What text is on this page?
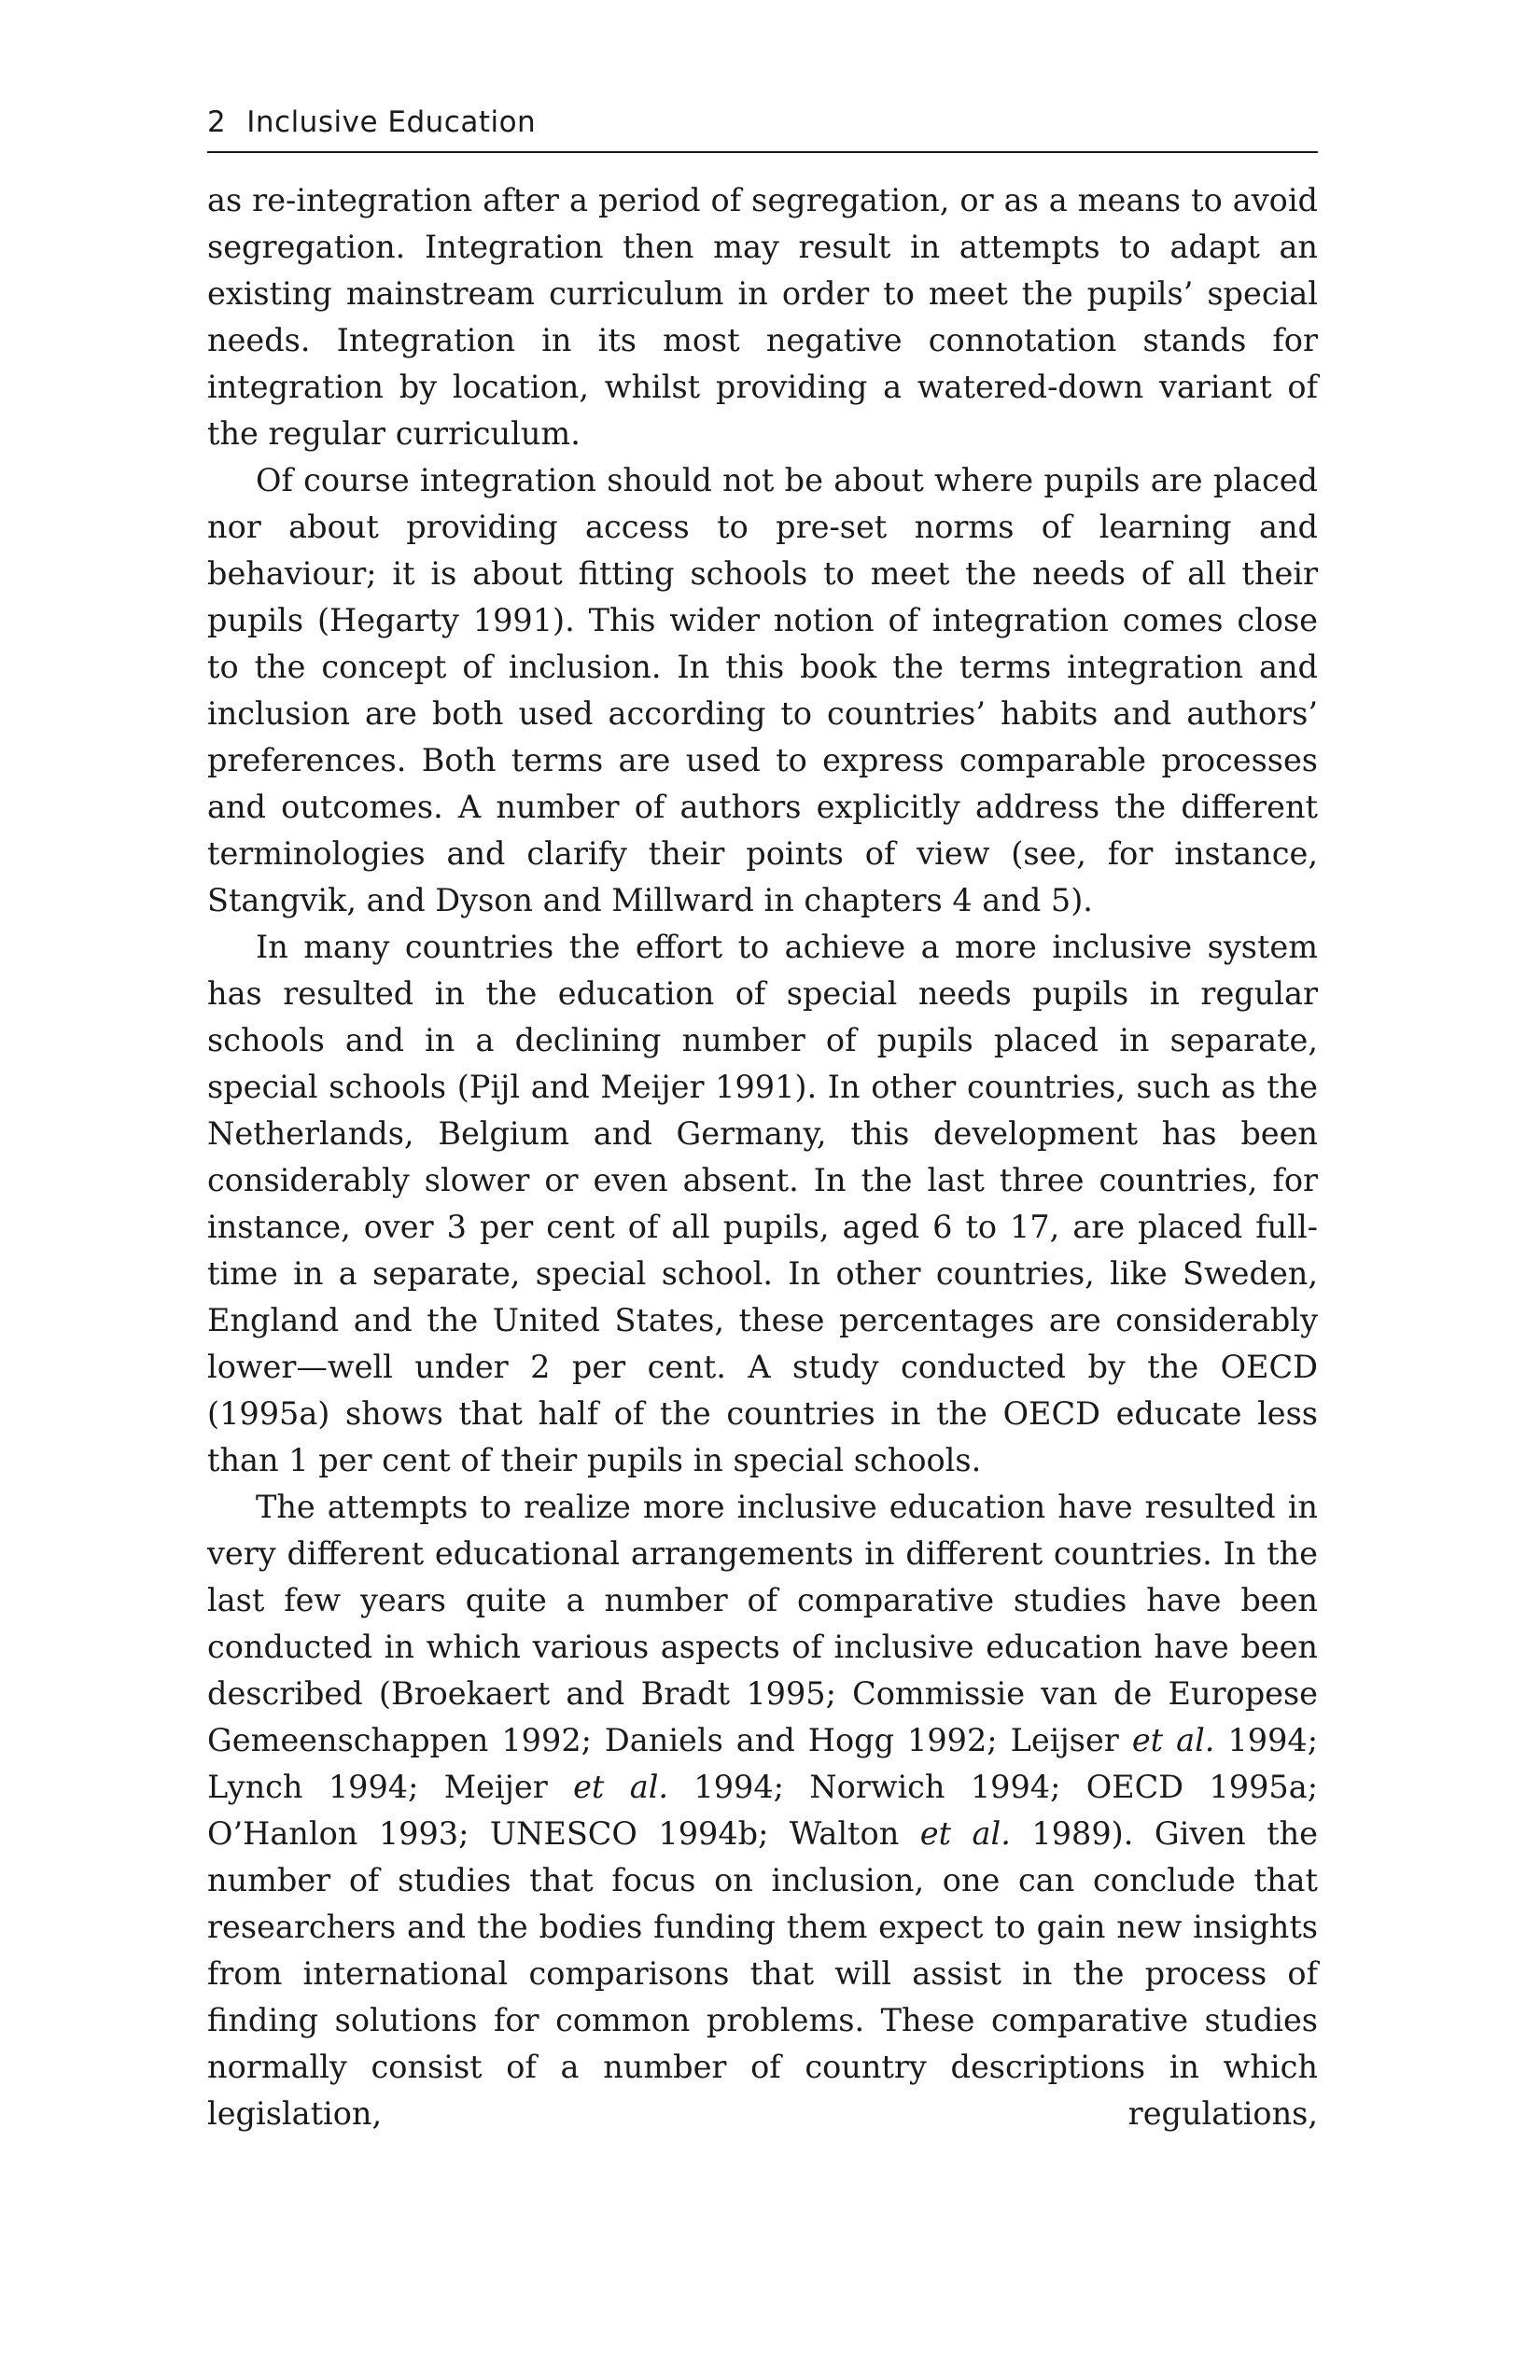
2 Inclusive Education

as re-integration after a period of segregation, or as a means to avoid segregation. Integration then may result in attempts to adapt an existing mainstream curriculum in order to meet the pupils’ special needs. Integration in its most negative connotation stands for integration by location, whilst providing a watered-down variant of the regular curriculum.

Of course integration should not be about where pupils are placed nor about providing access to pre-set norms of learning and behaviour; it is about fitting schools to meet the needs of all their pupils (Hegarty 1991). This wider notion of integration comes close to the concept of inclusion. In this book the terms integration and inclusion are both used according to countries’ habits and authors’ preferences. Both terms are used to express comparable processes and outcomes. A number of authors explicitly address the different terminologies and clarify their points of view (see, for instance, Stangvik, and Dyson and Millward in chapters 4 and 5).

In many countries the effort to achieve a more inclusive system has resulted in the education of special needs pupils in regular schools and in a declining number of pupils placed in separate, special schools (Pijl and Meijer 1991). In other countries, such as the Netherlands, Belgium and Germany, this development has been considerably slower or even absent. In the last three countries, for instance, over 3 per cent of all pupils, aged 6 to 17, are placed full-time in a separate, special school. In other countries, like Sweden, England and the United States, these percentages are considerably lower—well under 2 per cent. A study conducted by the OECD (1995a) shows that half of the countries in the OECD educate less than 1 per cent of their pupils in special schools.

The attempts to realize more inclusive education have resulted in very different educational arrangements in different countries. In the last few years quite a number of comparative studies have been conducted in which various aspects of inclusive education have been described (Broekaert and Bradt 1995; Commissie van de Europese Gemeenschappen 1992; Daniels and Hogg 1992; Leijser et al. 1994; Lynch 1994; Meijer et al. 1994; Norwich 1994; OECD 1995a; O’Hanlon 1993; UNESCO 1994b; Walton et al. 1989). Given the number of studies that focus on inclusion, one can conclude that researchers and the bodies funding them expect to gain new insights from international comparisons that will assist in the process of finding solutions for common problems. These comparative studies normally consist of a number of country descriptions in which legislation, regulations,
